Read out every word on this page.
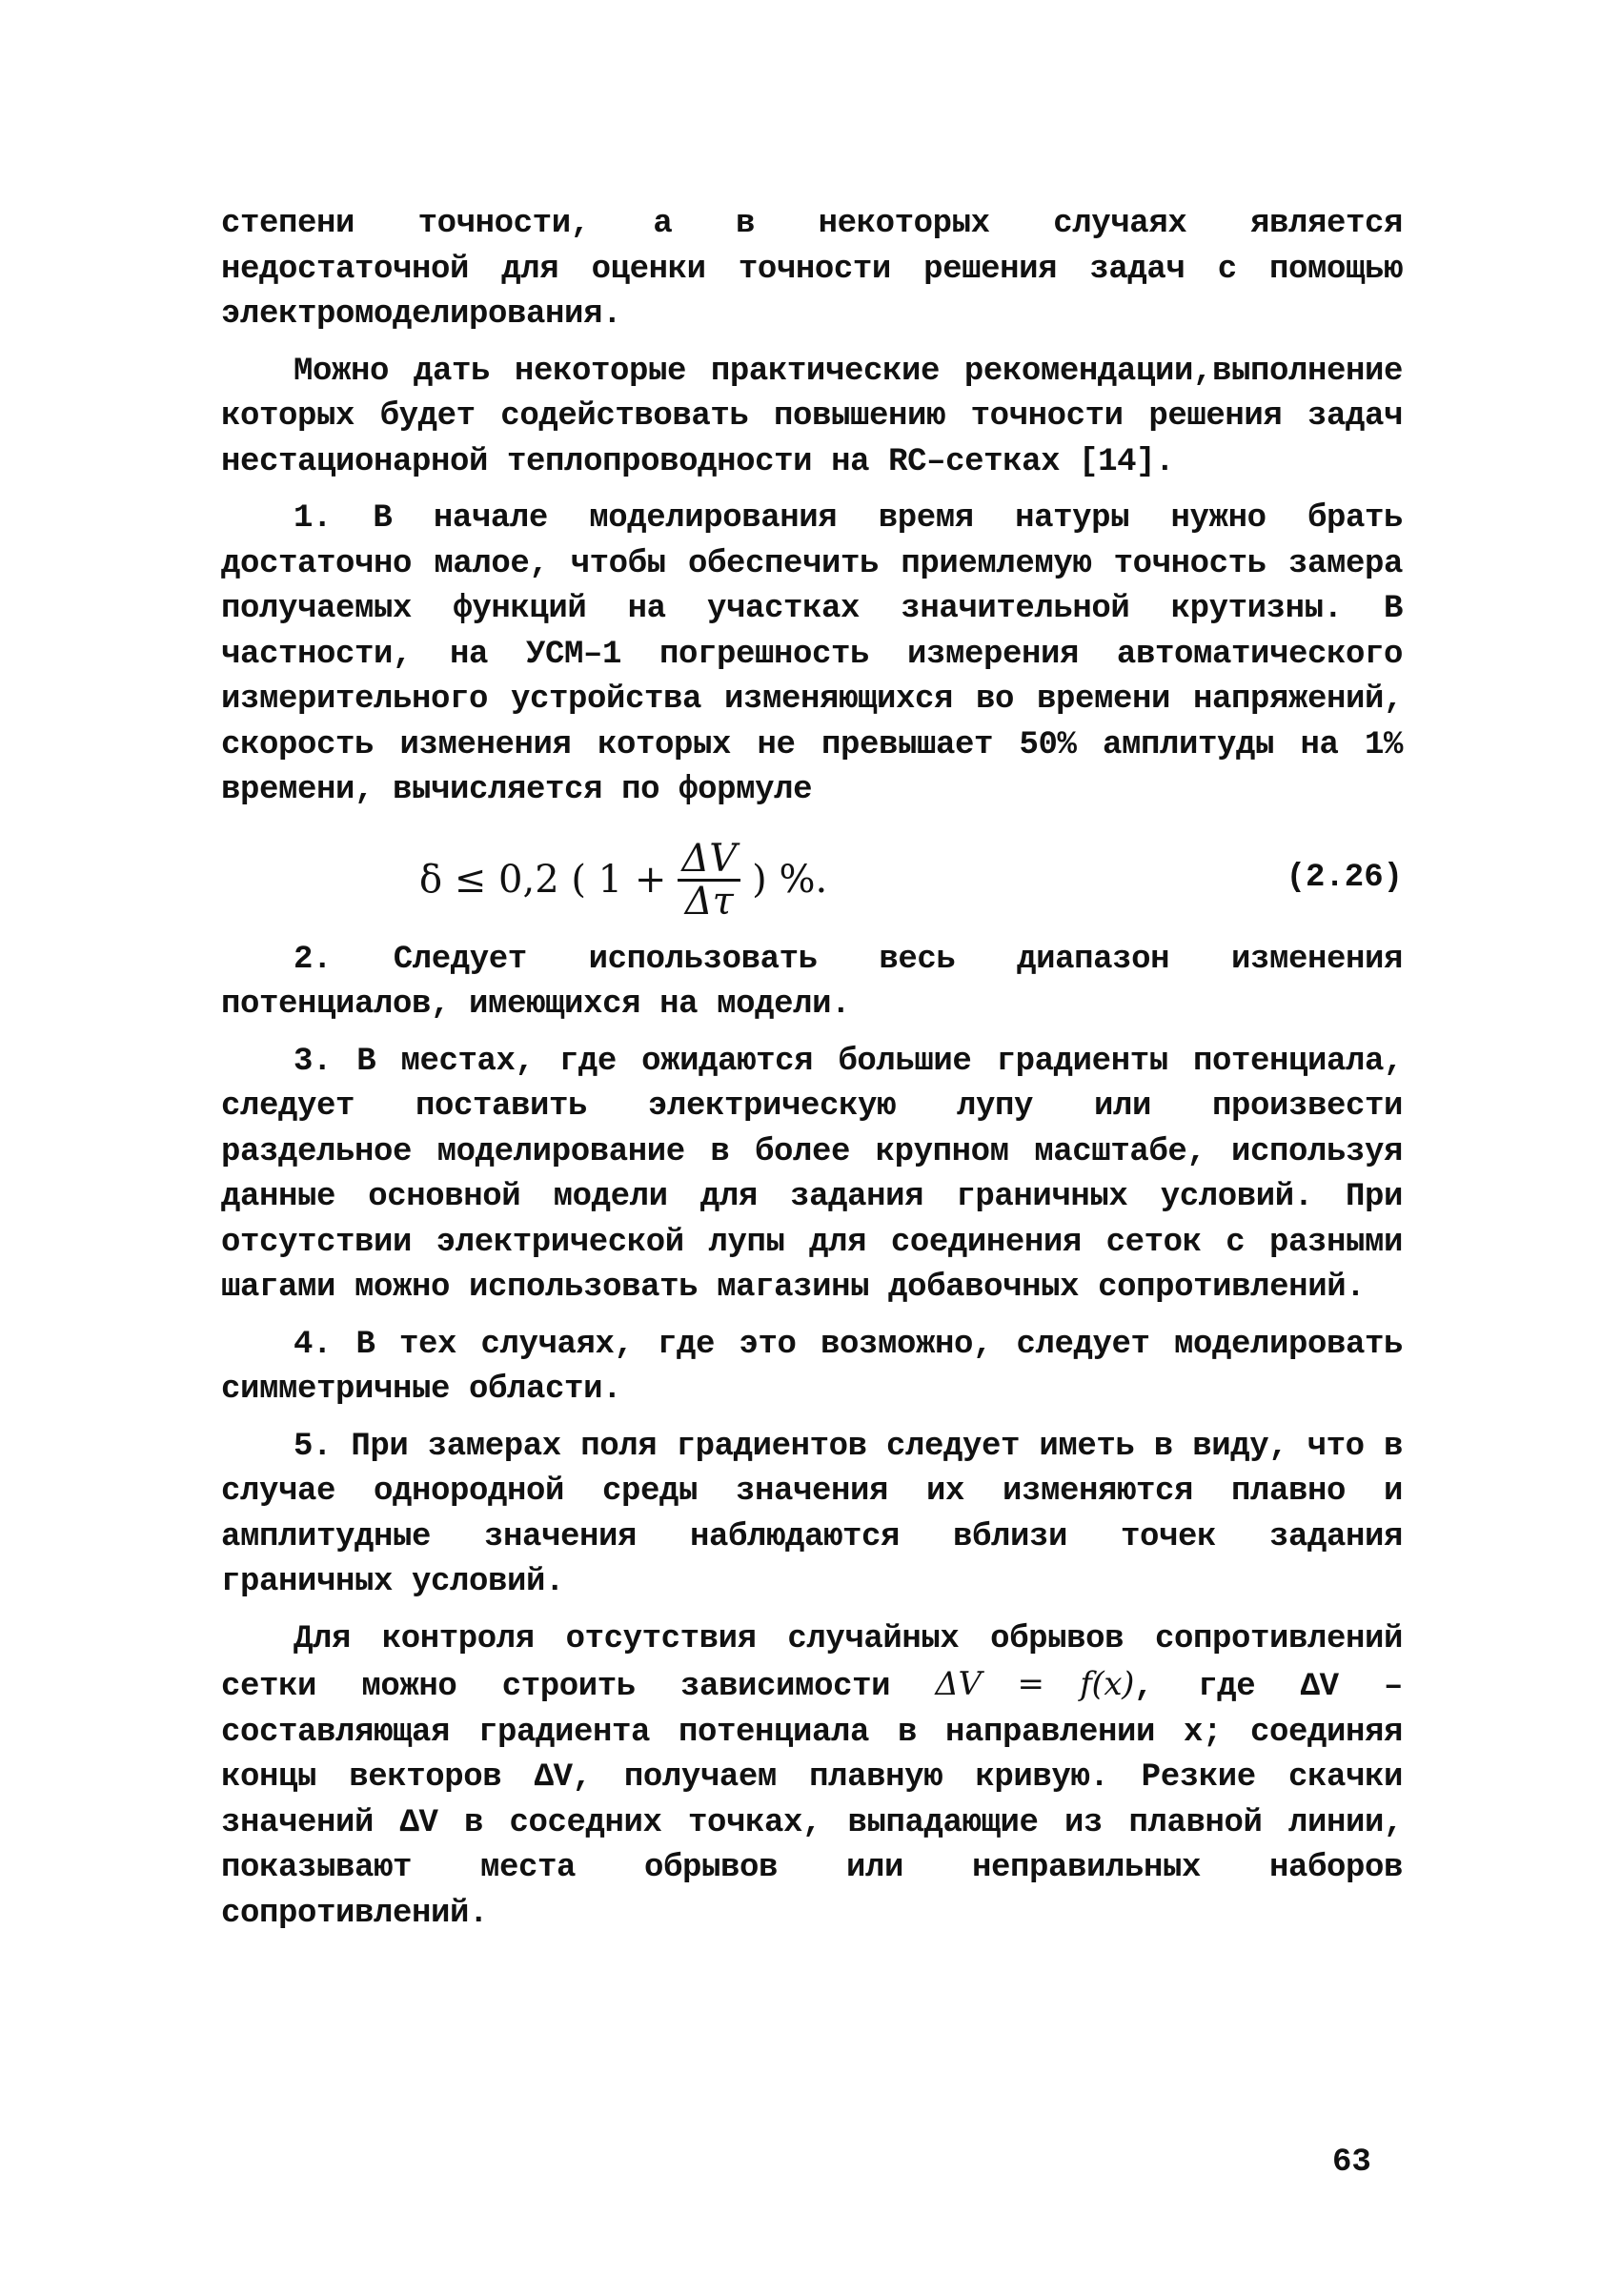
степени точности, а в некоторых случаях является недостаточной для оценки точности решения задач с помощью электромоделирования.

Можно дать некоторые практические рекомендации,выполнение которых будет содействовать повышению точности решения задач нестационарной теплопроводности на RC–сетках [14].

1. В начале моделирования время натуры нужно брать достаточно малое, чтобы обеспечить приемлемую точность замера получаемых функций на участках значительной крутизны. В частности, на УСМ–1 погрешность измерения автоматического измерительного устройства изменяющихся во времени напряжений, скорость изменения которых не превышает 50% амплитуды на 1% времени, вычисляется по формуле

δ ≤ 0,2 ( $1 + \frac{\Delta V}{\Delta\tau}$ ) %.	(2.26)

2. Следует использовать весь диапазон изменения потенциалов, имеющихся на модели.

3. В местах, где ожидаются большие градиенты потенциала, следует поставить электрическую лупу или произвести раздельное моделирование в более крупном масштабе, используя данные основной модели для задания граничных условий. При отсутствии электрической лупы для соединения сеток с разными шагами можно использовать магазины добавочных сопротивлений.

4. В тех случаях, где это возможно, следует моделировать симметричные области.

5. При замерах поля градиентов следует иметь в виду, что в случае однородной среды значения их изменяются плавно и амплитудные значения наблюдаются вблизи точек задания граничных условий.

Для контроля отсутствия случайных обрывов сопротивлений сетки можно строить зависимости ΔV = f(x), где ΔV – составляющая градиента потенциала в направлении x; соединяя концы векторов ΔV, получаем плавную кривую. Резкие скачки значений ΔV в соседних точках, выпадающие из плавной линии, показывают места обрывов или неправильных наборов сопротивлений.

63
